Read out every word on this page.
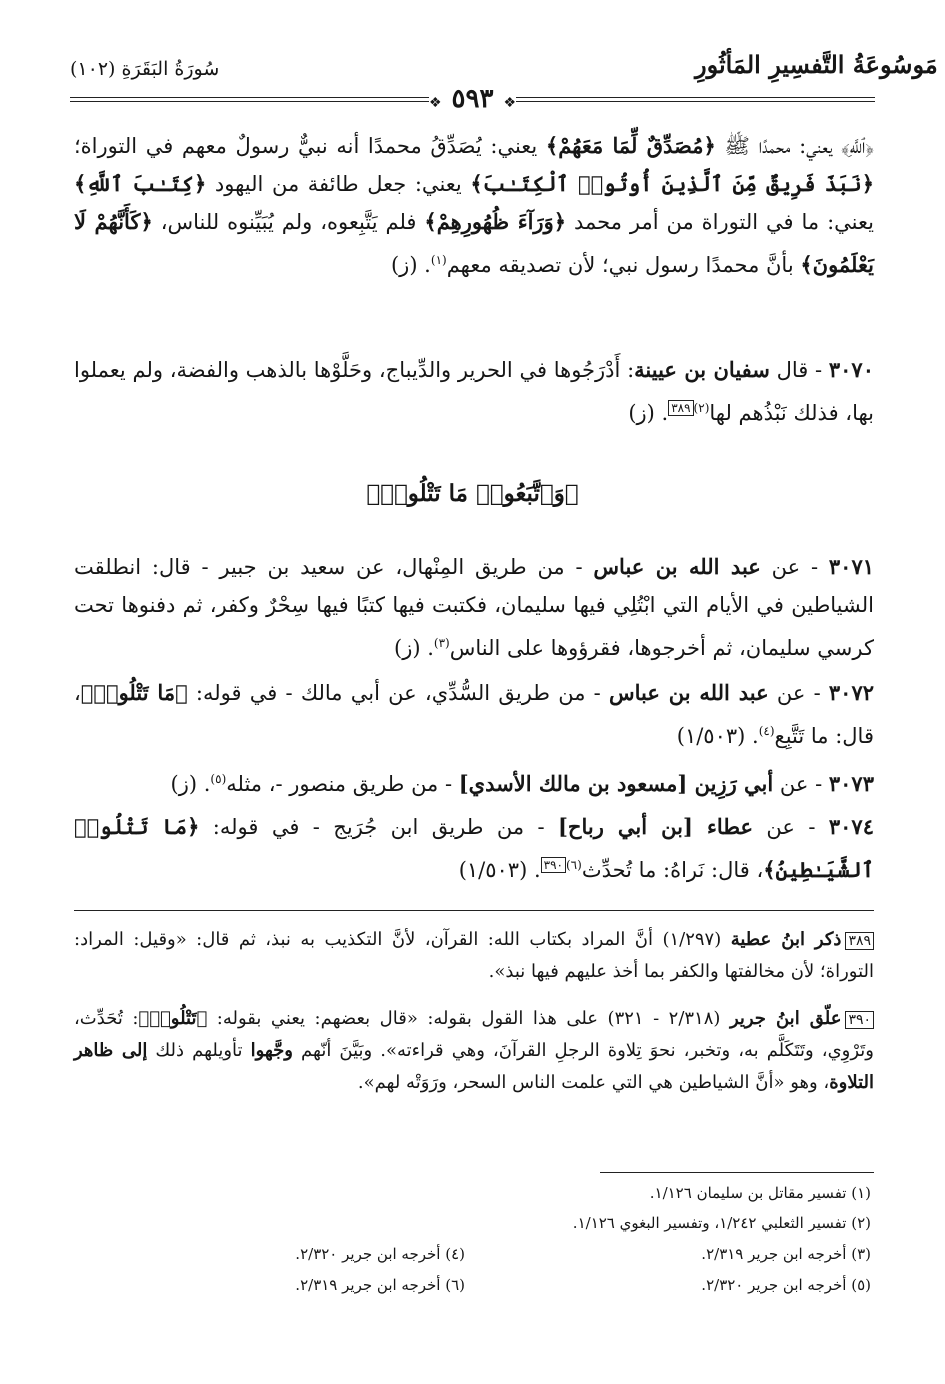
سُورَةُ البَقَرَةِ (١٠٢)	مَوسُوعَةُ التَّفسِيرِ المَأثُورِ
❖ ٥٩٣ ❖
﴿ٱللَّهِ﴾ يعني: محمدًا ﷺ ﴿مُصَدِّقٌ لِّمَا مَعَهُمْ﴾ يعني: يُصَدِّقُ محمدًا أنه نبيٌّ رسولٌ معهم في التوراة؛ ﴿نَبَذَ فَرِيقٌ مِّنَ ٱلَّذِينَ أُوتُوا۟ ٱلْكِتَـٰبَ﴾ يعني: جعل طائفة من اليهود ﴿كِتَـٰبَ ٱللَّهِ﴾ يعني: ما في التوراة من أمر محمد ﴿وَرَآءَ ظُهُورِهِمْ﴾ فلم يَتَّبِعوه، ولم يُبَيِّنوه للناس، ﴿كَأَنَّهُمْ لَا يَعْلَمُونَ﴾ بأنَّ محمدًا رسول نبي؛ لأن تصديقه معهم$^{(١)}$. (ز)
٣٠٧٠ - قال سفيان بن عيينة: أَدْرَجُوها في الحرير والدِّيباج، وحَلَّوْها بالذهب والفضة، ولم يعملوا بها، فذلك نَبْذُهم لها$^{(٢)}$٣٨٩. (ز)
﴿وَٱتَّبَعُوا۟ مَا تَتْلُوا۟﴾
٣٠٧١ - عن عبد الله بن عباس - من طريق المِنْهال، عن سعيد بن جبير - قال: انطلقت الشياطين في الأيام التي ابْتُلِي فيها سليمان، فكتبت فيها كتبًا فيها سِحْرٌ وكفر، ثم دفنوها تحت كرسي سليمان، ثم أخرجوها، فقرؤوها على الناس$^{(٣)}$. (ز)
٣٠٧٢ - عن عبد الله بن عباس - من طريق السُّدِّي، عن أبي مالك - في قوله: ﴿مَا تَتْلُوا۟﴾، قال: ما تَتَّبِع$^{(٤)}$. (١/٥٠٣)
٣٠٧٣ - عن أبي رَزِين [مسعود بن مالك الأسدي] - من طريق منصور -، مثله$^{(٥)}$. (ز)
٣٠٧٤ - عن عطاء [بن أبي رباح] - من طريق ابن جُرَيج - في قوله: ﴿مَا تَتْلُوا۟ ٱلشَّيَـٰطِينُ﴾، قال: نَراهُ: ما تُحدِّث$^{(٦)}$٣٩٠. (١/٥٠٣)
٣٨٩ذكر ابنُ عطية (١/٢٩٧) أنَّ المراد بكتاب الله: القرآن، لأنَّ التكذيب به نبذ، ثم قال: «وقيل: المراد: التوراة؛ لأن مخالفتها والكفر بما أخذ عليهم فيها نبذ».
٣٩٠علّق ابنُ جرير (٢/٣١٨ - ٣٢١) على هذا القول بقوله: «قال بعضهم: يعني بقوله: ﴿تَتْلُوا۟﴾: تُحَدِّث، وتَرْوِي، وتَتَكَلَّم به، وتخبر، نحوَ تِلاوة الرجلِ القرآنَ، وهي قراءته». وبَيَّنَ أنّهم وجَّهوا تأويلهم ذلك إلى ظاهر التلاوة، وهو «أنَّ الشياطين هي التي علمت الناس السحر، ورَوَتْه لهم».
(١) تفسير مقاتل بن سليمان ١/١٢٦.
(٢) تفسير الثعلبي ١/٢٤٢، وتفسير البغوي ١/١٢٦.
(٣) أخرجه ابن جرير ٢/٣١٩.
(٤) أخرجه ابن جرير ٢/٣٢٠.
(٥) أخرجه ابن جرير ٢/٣٢٠.
(٦) أخرجه ابن جرير ٢/٣١٩.
